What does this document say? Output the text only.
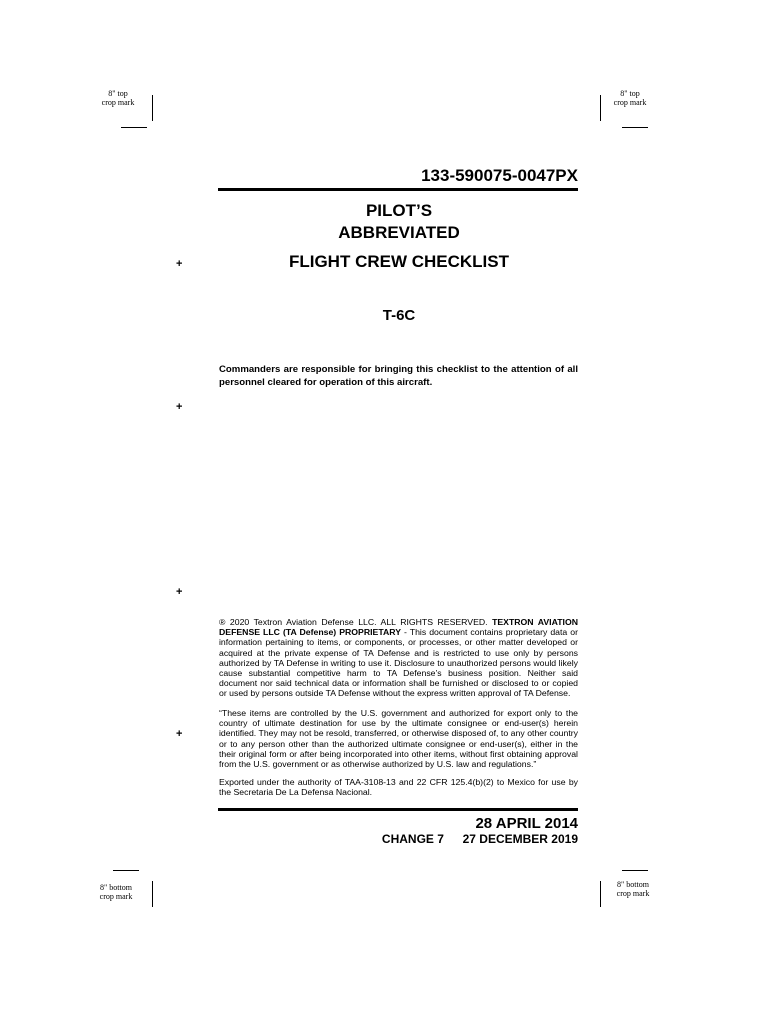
8" top
crop mark
8" top
crop mark
8" bottom
crop mark
8" bottom
crop mark
+
+
+
+
133-590075-0047PX
PILOT’S
ABBREVIATED
FLIGHT CREW CHECKLIST
T-6C
Commanders are responsible for bringing this checklist to the attention of all personnel cleared for operation of this aircraft.
® 2020 Textron Aviation Defense LLC. ALL RIGHTS RESERVED. TEXTRON AVIATION DEFENSE LLC (TA Defense) PROPRIETARY - This document contains proprietary data or information pertaining to items, or components, or processes, or other matter developed or acquired at the private expense of TA Defense and is restricted to use only by persons authorized by TA Defense in writing to use it. Disclosure to unauthorized persons would likely cause substantial competitive harm to TA Defense’s business position. Neither said document nor said technical data or information shall be furnished or disclosed to or copied or used by persons outside TA Defense without the express written approval of TA Defense.
“These items are controlled by the U.S. government and authorized for export only to the country of ultimate destination for use by the ultimate consignee or end-user(s) herein identified. They may not be resold, transferred, or otherwise disposed of, to any other country or to any person other than the authorized ultimate consignee or end-user(s), either in the their original form or after being incorporated into other items, without first obtaining approval from the U.S. government or as otherwise authorized by U.S. law and regulations.”
Exported under the authority of TAA-3108-13 and 22 CFR 125.4(b)(2) to Mexico for use by the Secretaria De La Defensa Nacional.
28 APRIL 2014
CHANGE 7 27 DECEMBER 2019
